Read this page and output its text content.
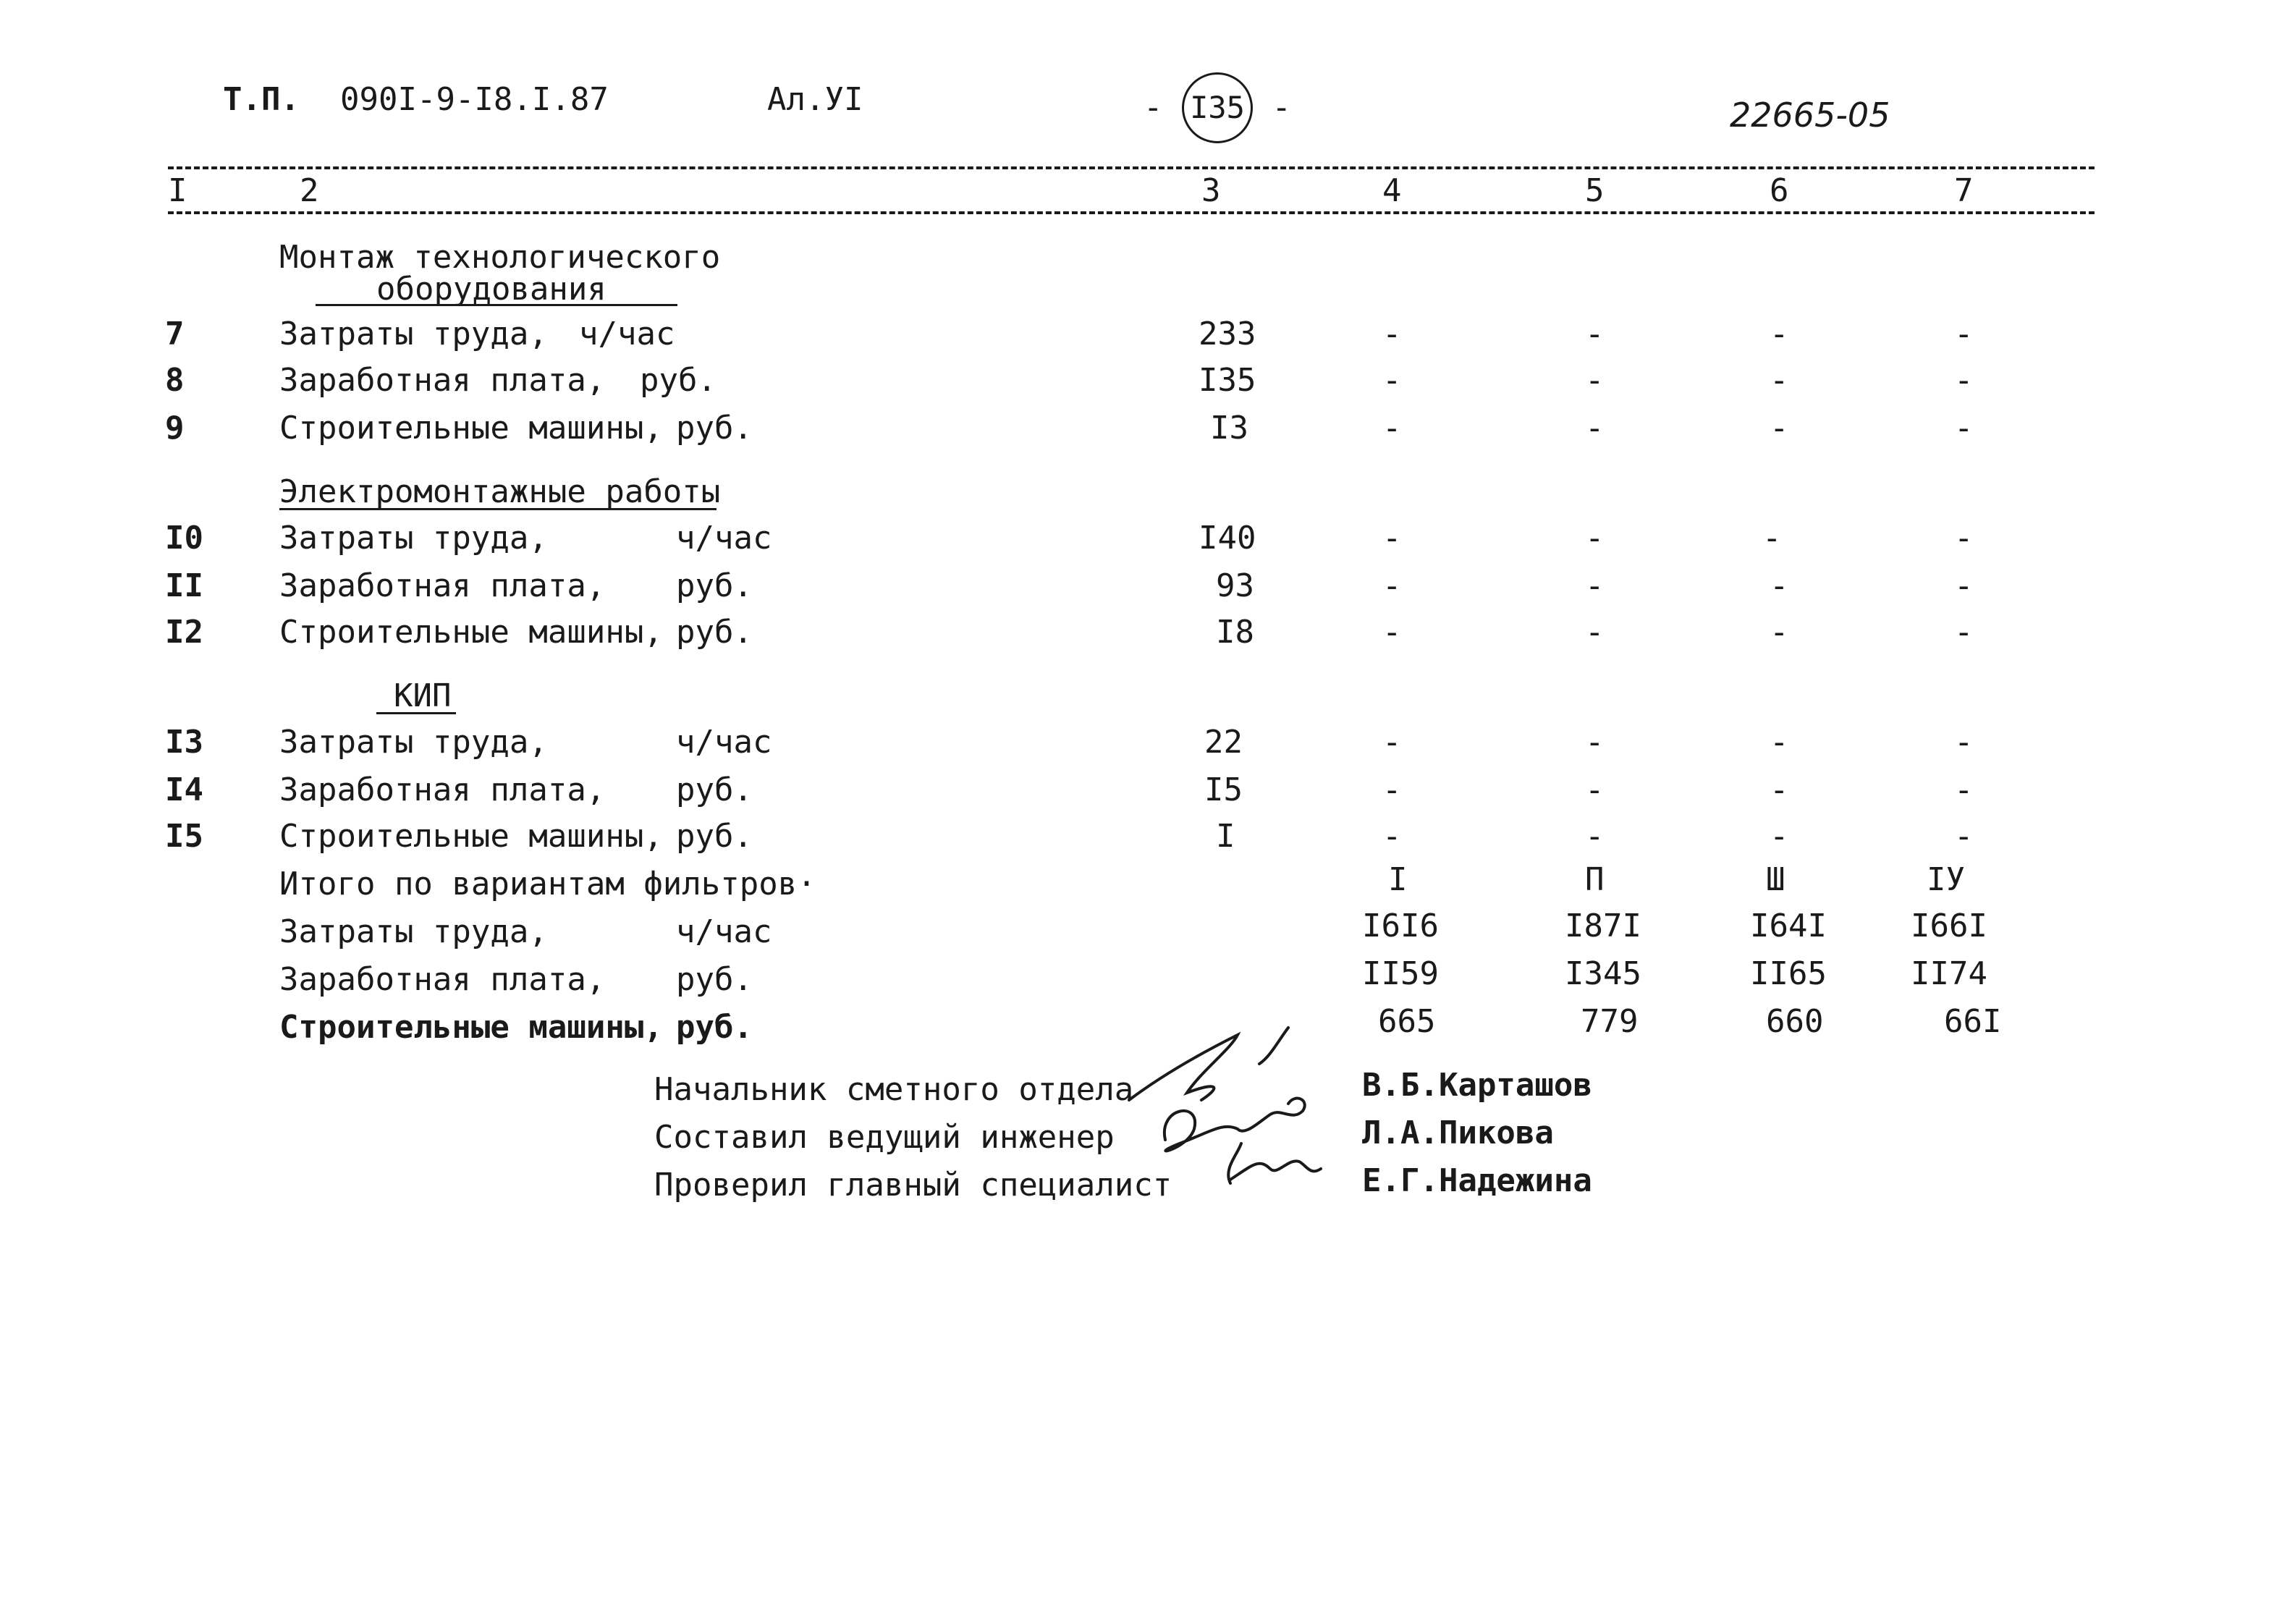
Т.П. 090I-9-I8.I.87	Ал.УI	- I35 -	22665-05
I	2	3	4	5	6	7
Монтаж технологического
оборудования
7	Затраты труда, ч/час	233	-	-	-	-
8	Заработная плата, руб.	I35	-	-	-	-
9	Строительные машины, руб.	I3	-	-	-	-
Электромонтажные работы
I0 Затраты труда,	ч/час	I40	-	-	-	-
II Заработная плата, руб.	93	-	-	-	-
I2 Строительные машины, руб.	I8	-	-	-	-
КИП
I3 Затраты труда,	ч/час	22	-	-	-	-
I4 Заработная плата, руб.	I5	-	-	-	-
I5 Строительные машины, руб.	I	-	-	-	-
Итого по вариантам фильтров·	I	П	Ш	IУ
Затраты труда,	ч/час	I6I6	I87I	I64I	I66I
Заработная плата, руб.	II59	I345	II65	II74
Строительные машины, руб.	665	779	660	66I
Начальник сметного отдела	В.Б.Карташов
Составил ведущий инженер	Л.А.Пикова
Проверил главный специалист	Е.Г.Надежина
